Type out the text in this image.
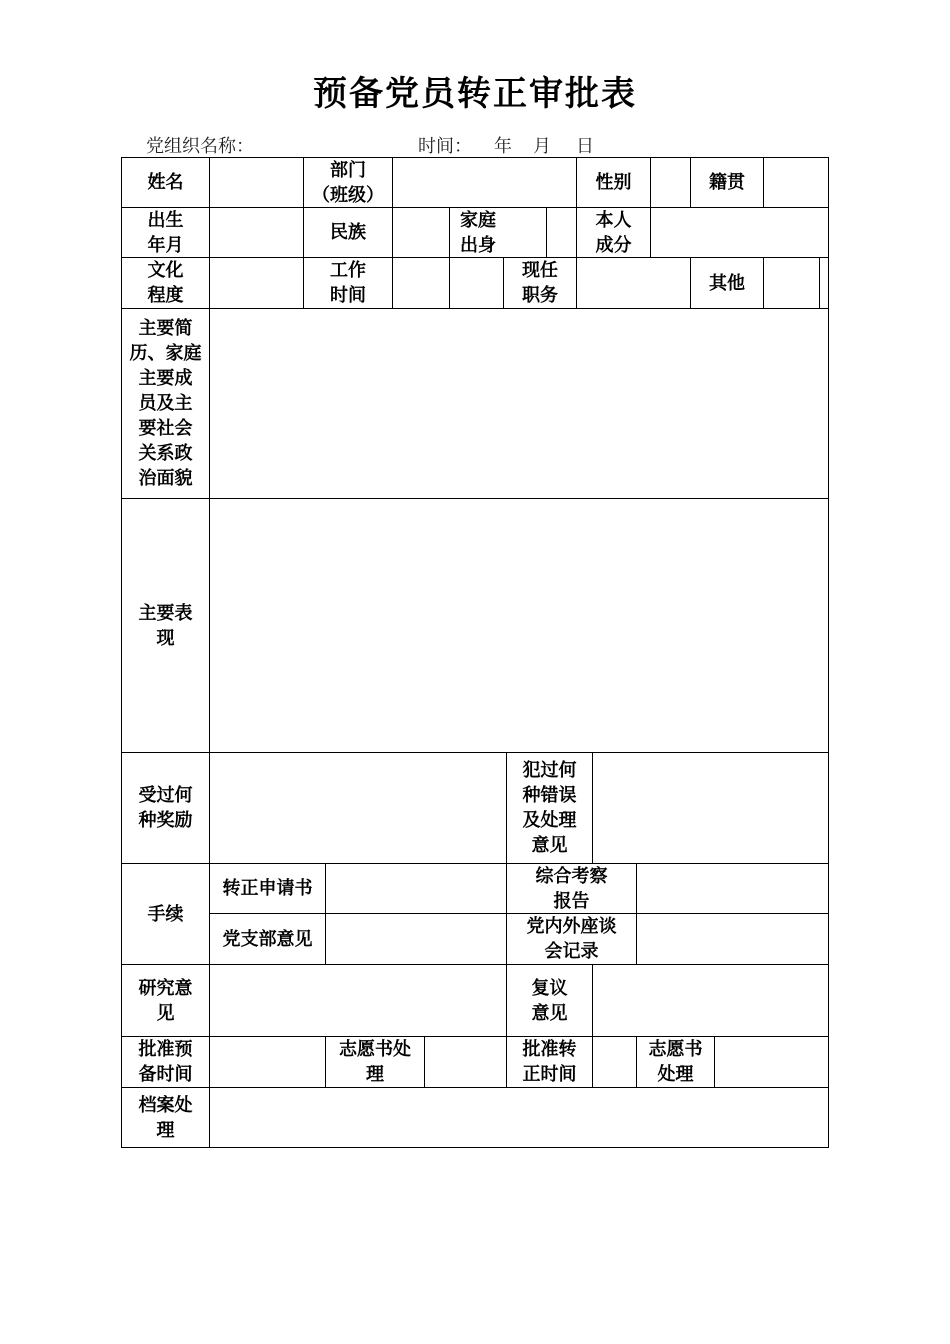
预备党员转正审批表
党组织名称：	时间： 年 月 日
姓名
部门
（班级）
性别	籍贯
出生
年月
民族
家庭
出身
本人
成分
文化
程度
工作
时间
现任
职务
其他
主要简
历、家庭
主要成
员及主
要社会
关系政
治面貌
主要表
现
受过何
种奖励
犯过何
种错误
及处理
意见
手续
转正申请书
综合考察
报告
党支部意见
党内外座谈
会记录
研究意
见
复议
意见
批准预
备时间
志愿书处
理
批准转
正时间
志愿书
处理
档案处
理
